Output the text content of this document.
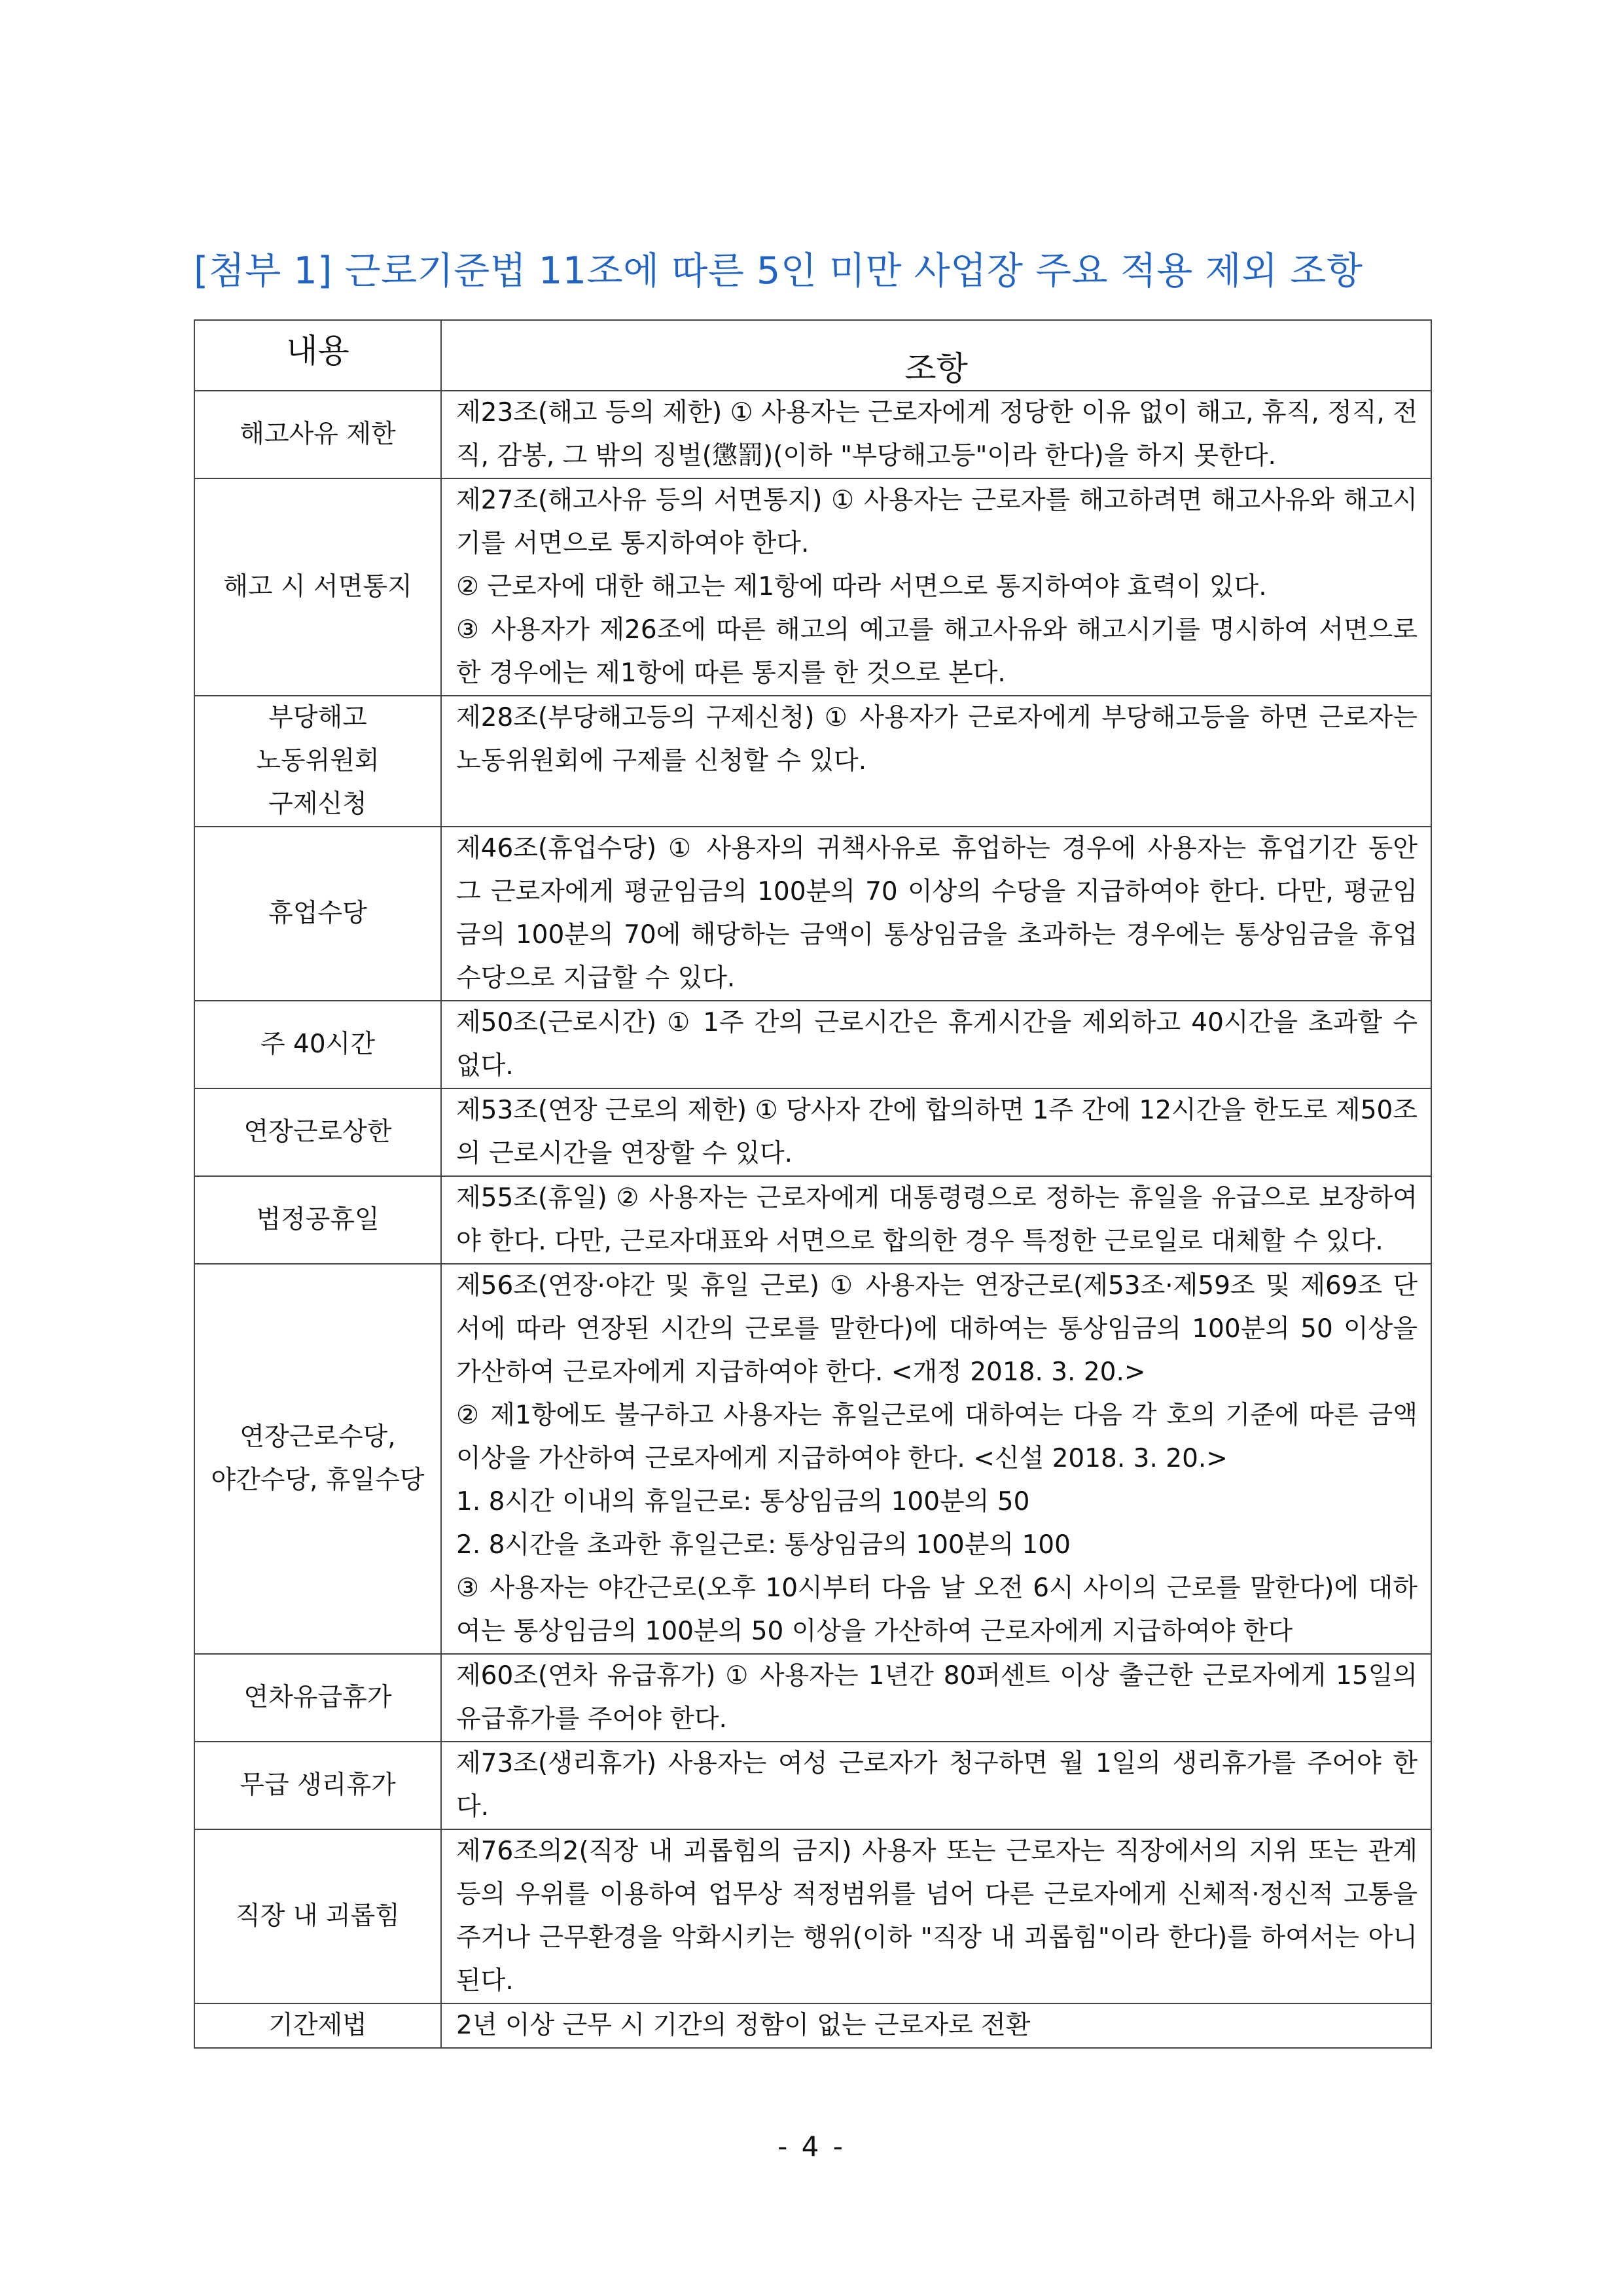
[첨부 1] 근로기준법 11조에 따른 5인 미만 사업장 주요 적용 제외 조항
내용	조항

해고사유 제한	제23조(해고 등의 제한) ① 사용자는 근로자에게 정당한 이유 없이 해고, 휴직, 정직, 전직, 감봉, 그 밖의 징벌(懲罰)(이하 "부당해고등"이라 한다)을 하지 못한다.

해고 시 서면통지	제27조(해고사유 등의 서면통지) ① 사용자는 근로자를 해고하려면 해고사유와 해고시기를 서면으로 통지하여야 한다.
② 근로자에 대한 해고는 제1항에 따라 서면으로 통지하여야 효력이 있다.
③ 사용자가 제26조에 따른 해고의 예고를 해고사유와 해고시기를 명시하여 서면으로 한 경우에는 제1항에 따른 통지를 한 것으로 본다.

부당해고
노동위원회
구제신청	제28조(부당해고등의 구제신청) ① 사용자가 근로자에게 부당해고등을 하면 근로자는 노동위원회에 구제를 신청할 수 있다.

휴업수당	제46조(휴업수당) ① 사용자의 귀책사유로 휴업하는 경우에 사용자는 휴업기간 동안 그 근로자에게 평균임금의 100분의 70 이상의 수당을 지급하여야 한다. 다만, 평균임금의 100분의 70에 해당하는 금액이 통상임금을 초과하는 경우에는 통상임금을 휴업수당으로 지급할 수 있다.

주 40시간	제50조(근로시간) ① 1주 간의 근로시간은 휴게시간을 제외하고 40시간을 초과할 수 없다.

연장근로상한	제53조(연장 근로의 제한) ① 당사자 간에 합의하면 1주 간에 12시간을 한도로 제50조의 근로시간을 연장할 수 있다.

법정공휴일	제55조(휴일) ② 사용자는 근로자에게 대통령령으로 정하는 휴일을 유급으로 보장하여야 한다. 다만, 근로자대표와 서면으로 합의한 경우 특정한 근로일로 대체할 수 있다.

연장근로수당,
야간수당, 휴일수당	제56조(연장·야간 및 휴일 근로) ① 사용자는 연장근로(제53조·제59조 및 제69조 단서에 따라 연장된 시간의 근로를 말한다)에 대하여는 통상임금의 100분의 50 이상을 가산하여 근로자에게 지급하여야 한다. <개정 2018. 3. 20.>
② 제1항에도 불구하고 사용자는 휴일근로에 대하여는 다음 각 호의 기준에 따른 금액 이상을 가산하여 근로자에게 지급하여야 한다. <신설 2018. 3. 20.>
1. 8시간 이내의 휴일근로: 통상임금의 100분의 50
2. 8시간을 초과한 휴일근로: 통상임금의 100분의 100
③ 사용자는 야간근로(오후 10시부터 다음 날 오전 6시 사이의 근로를 말한다)에 대하여는 통상임금의 100분의 50 이상을 가산하여 근로자에게 지급하여야 한다

연차유급휴가	제60조(연차 유급휴가) ① 사용자는 1년간 80퍼센트 이상 출근한 근로자에게 15일의 유급휴가를 주어야 한다.

무급 생리휴가	제73조(생리휴가) 사용자는 여성 근로자가 청구하면 월 1일의 생리휴가를 주어야 한다.

직장 내 괴롭힘	제76조의2(직장 내 괴롭힘의 금지) 사용자 또는 근로자는 직장에서의 지위 또는 관계 등의 우위를 이용하여 업무상 적정범위를 넘어 다른 근로자에게 신체적·정신적 고통을 주거나 근무환경을 악화시키는 행위(이하 "직장 내 괴롭힘"이라 한다)를 하여서는 아니 된다.

기간제법	2년 이상 근무 시 기간의 정함이 없는 근로자로 전환
- 4 -
